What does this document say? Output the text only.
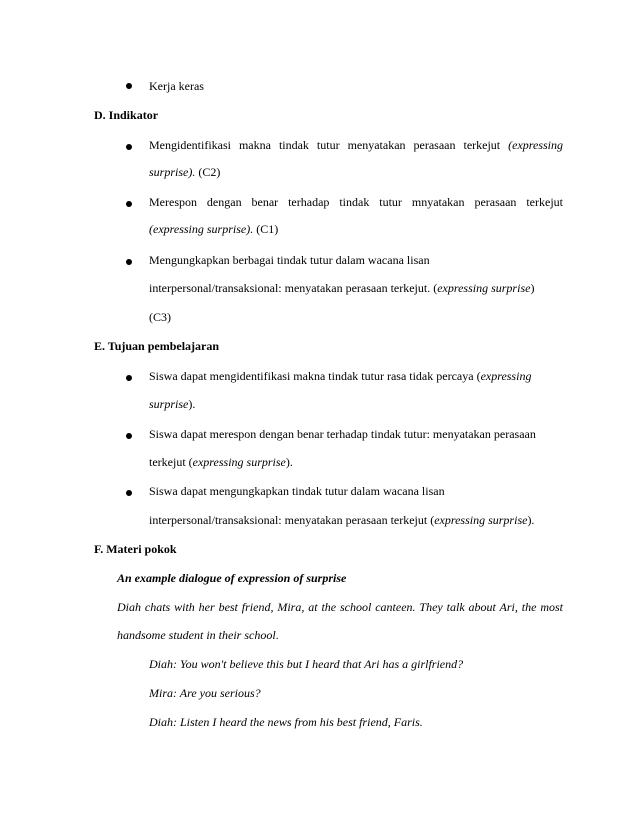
Kerja keras
D. Indikator
Mengidentifikasi makna tindak tutur menyatakan perasaan terkejut (expressing
surprise). (C2)
Merespon dengan benar terhadap tindak tutur mnyatakan perasaan terkejut
(expressing surprise). (C1)
Mengungkapkan berbagai tindak tutur dalam wacana lisan
interpersonal/transaksional: menyatakan perasaan terkejut. (expressing surprise)
(C3)
E. Tujuan pembelajaran
Siswa dapat mengidentifikasi makna tindak tutur rasa tidak percaya (expressing
surprise).
Siswa dapat merespon dengan benar terhadap tindak tutur: menyatakan perasaan
terkejut (expressing surprise).
Siswa dapat mengungkapkan tindak tutur dalam wacana lisan
interpersonal/transaksional: menyatakan perasaan terkejut (expressing surprise).
F. Materi pokok
An example dialogue of expression of surprise
Diah chats with her best friend, Mira, at the school canteen. They talk about Ari, the most
handsome student in their school.
Diah: You won't believe this but I heard that Ari has a girlfriend?
Mira: Are you serious?
Diah: Listen I heard the news from his best friend, Faris.
